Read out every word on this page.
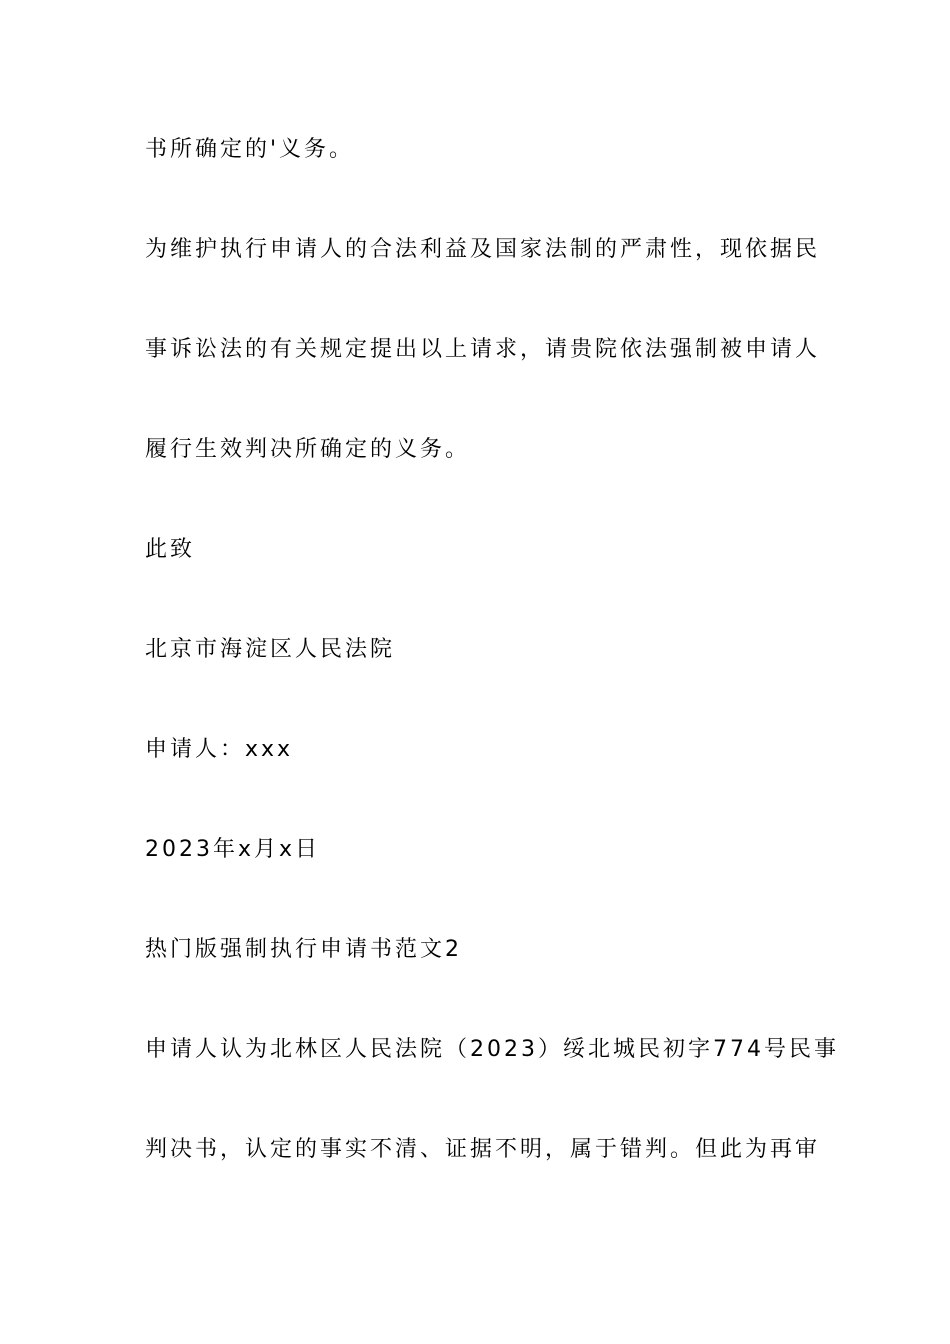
书所确定的'义务。
为维护执行申请人的合法利益及国家法制的严肃性，现依据民
事诉讼法的有关规定提出以上请求，请贵院依法强制被申请人
履行生效判决所确定的义务。
此致
北京市海淀区人民法院
申请人：xxx
2023年x月x日
热门版强制执行申请书范文2
申请人认为北林区人民法院（2023）绥北城民初字774号民事
判决书，认定的事实不清、证据不明，属于错判。但此为再审
